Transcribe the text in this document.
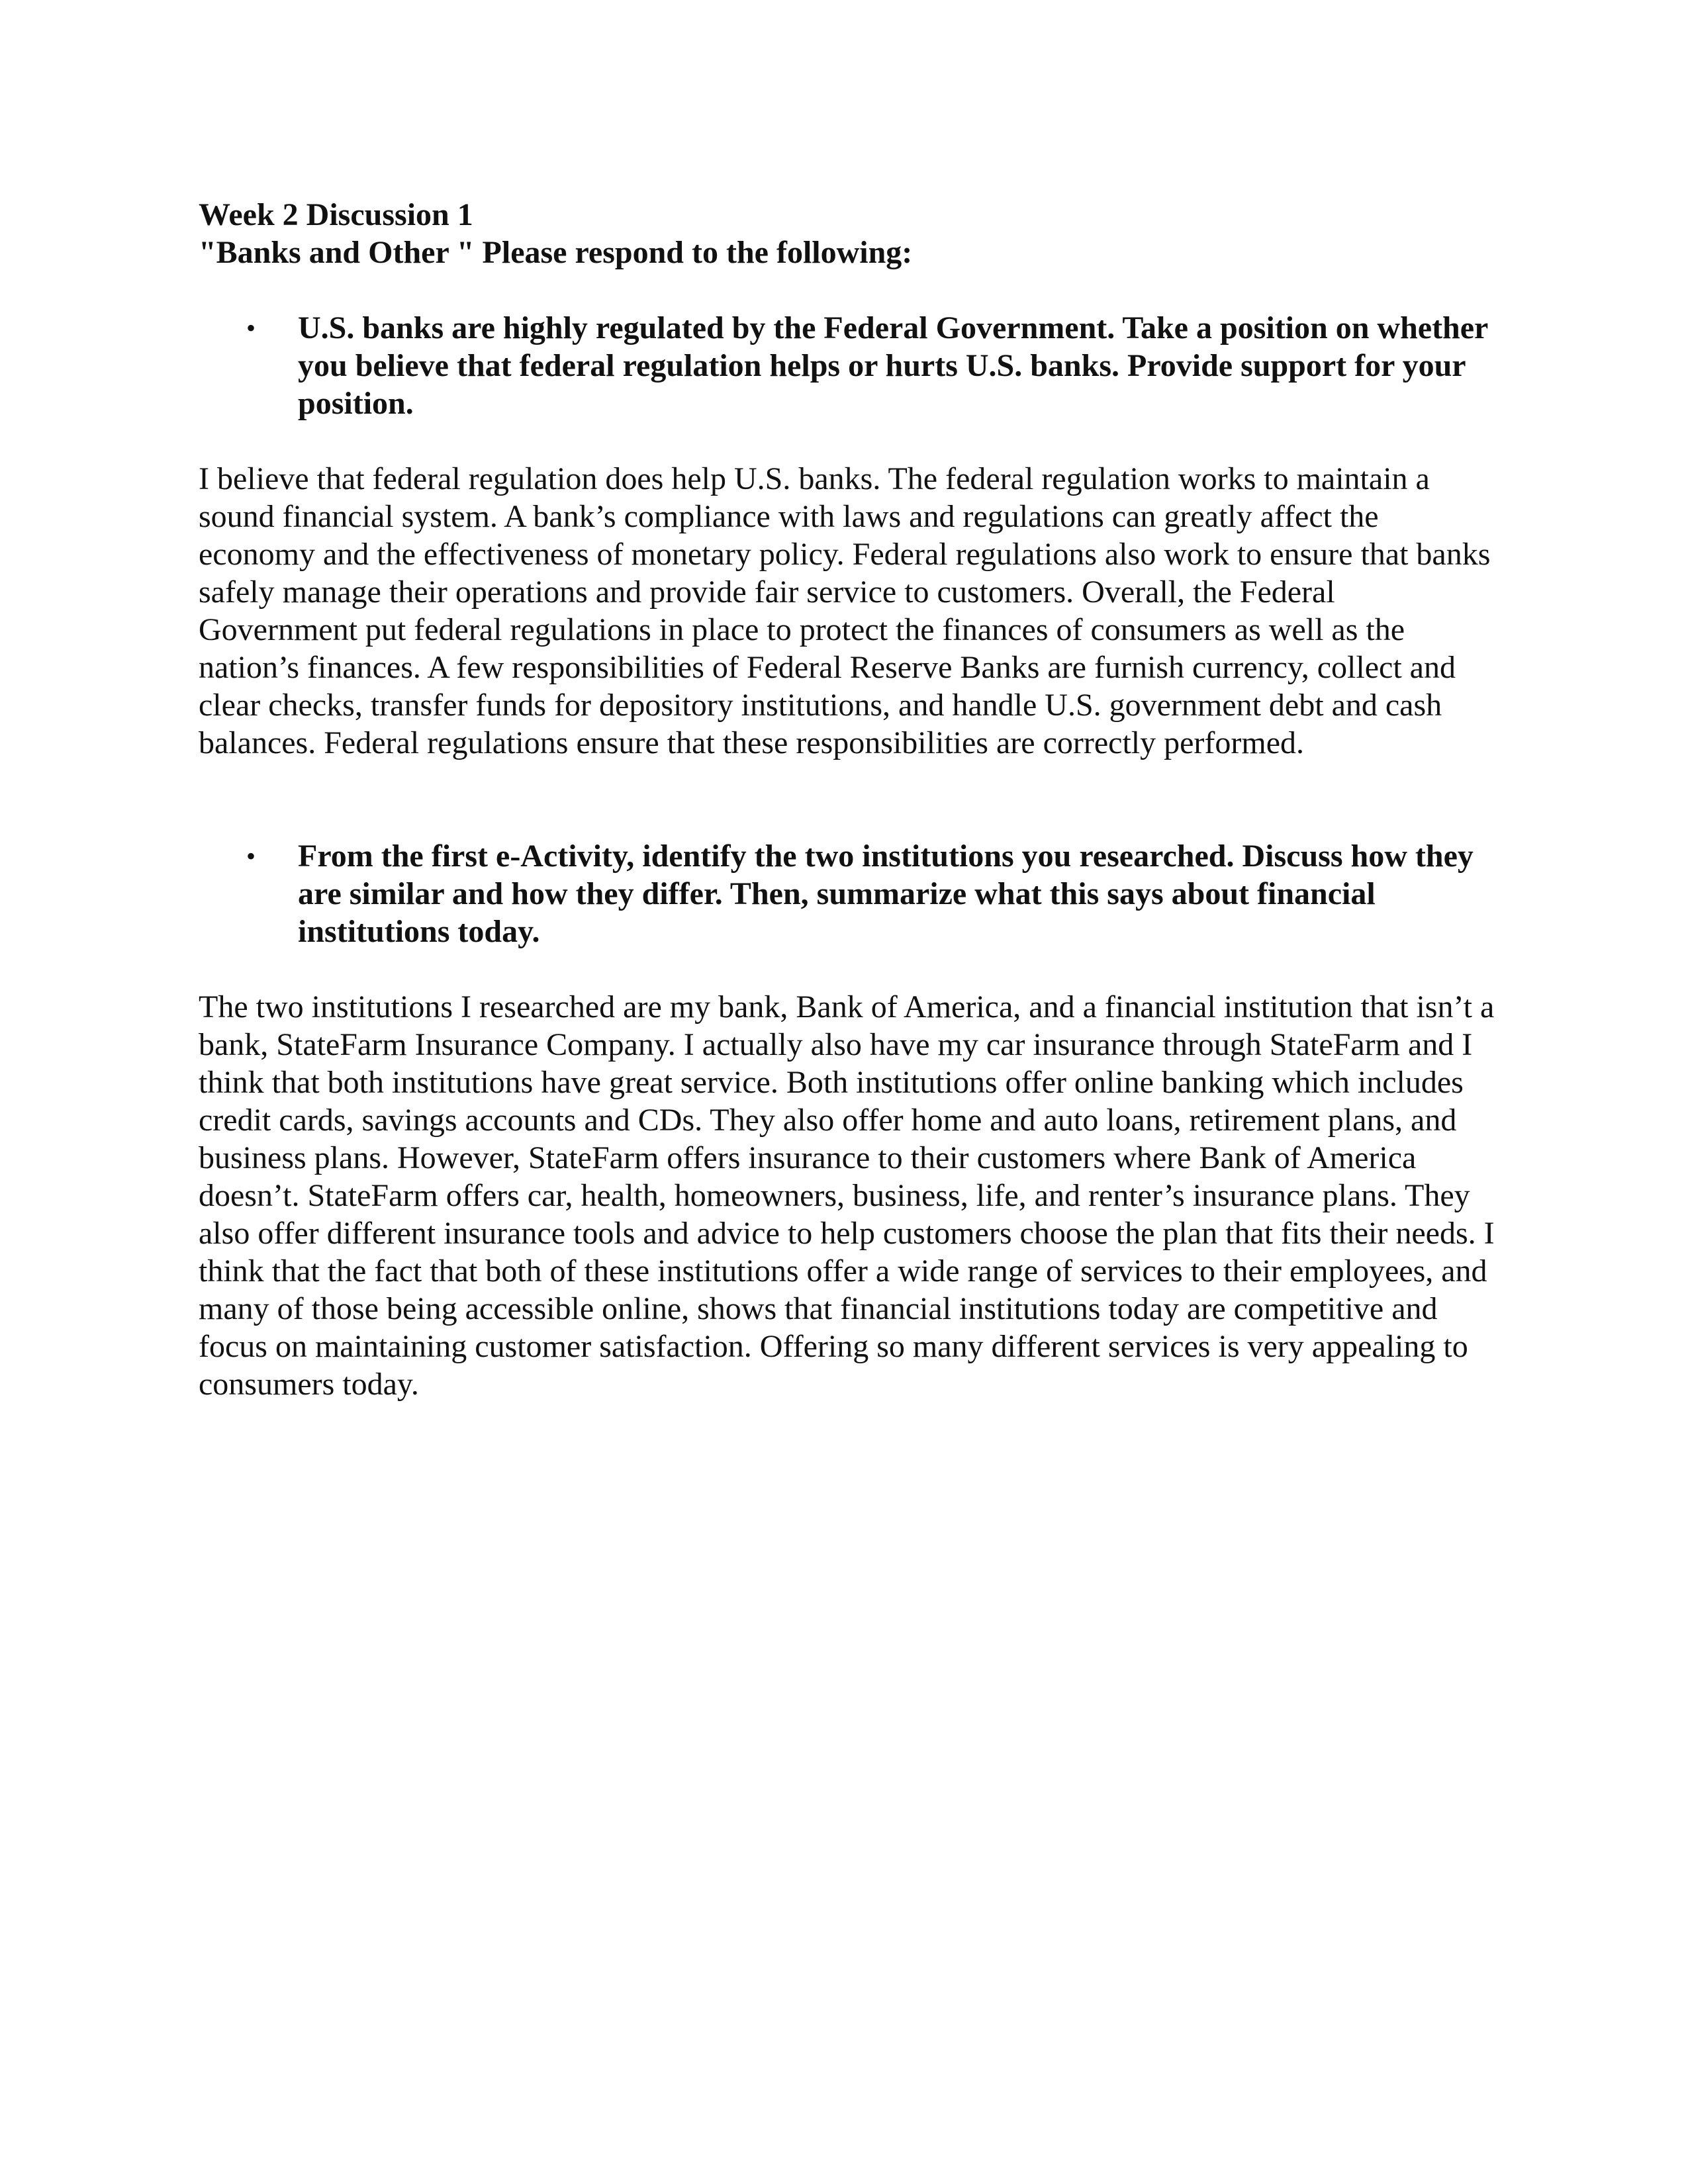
Week 2 Discussion 1
"Banks and Other " Please respond to the following:
• U.S. banks are highly regulated by the Federal Government. Take a position on whether you believe that federal regulation helps or hurts U.S. banks. Provide support for your position.
I believe that federal regulation does help U.S. banks. The federal regulation works to maintain a sound financial system. A bank’s compliance with laws and regulations can greatly affect the economy and the effectiveness of monetary policy. Federal regulations also work to ensure that banks safely manage their operations and provide fair service to customers. Overall, the Federal Government put federal regulations in place to protect the finances of consumers as well as the nation’s finances. A few responsibilities of Federal Reserve Banks are furnish currency, collect and clear checks, transfer funds for depository institutions, and handle U.S. government debt and cash balances. Federal regulations ensure that these responsibilities are correctly performed.
• From the first e-Activity, identify the two institutions you researched. Discuss how they are similar and how they differ. Then, summarize what this says about financial institutions today.
The two institutions I researched are my bank, Bank of America, and a financial institution that isn’t a bank, StateFarm Insurance Company. I actually also have my car insurance through StateFarm and I think that both institutions have great service. Both institutions offer online banking which includes credit cards, savings accounts and CDs. They also offer home and auto loans, retirement plans, and business plans. However, StateFarm offers insurance to their customers where Bank of America doesn’t. StateFarm offers car, health, homeowners, business, life, and renter’s insurance plans. They also offer different insurance tools and advice to help customers choose the plan that fits their needs. I think that the fact that both of these institutions offer a wide range of services to their employees, and many of those being accessible online, shows that financial institutions today are competitive and focus on maintaining customer satisfaction. Offering so many different services is very appealing to consumers today.
